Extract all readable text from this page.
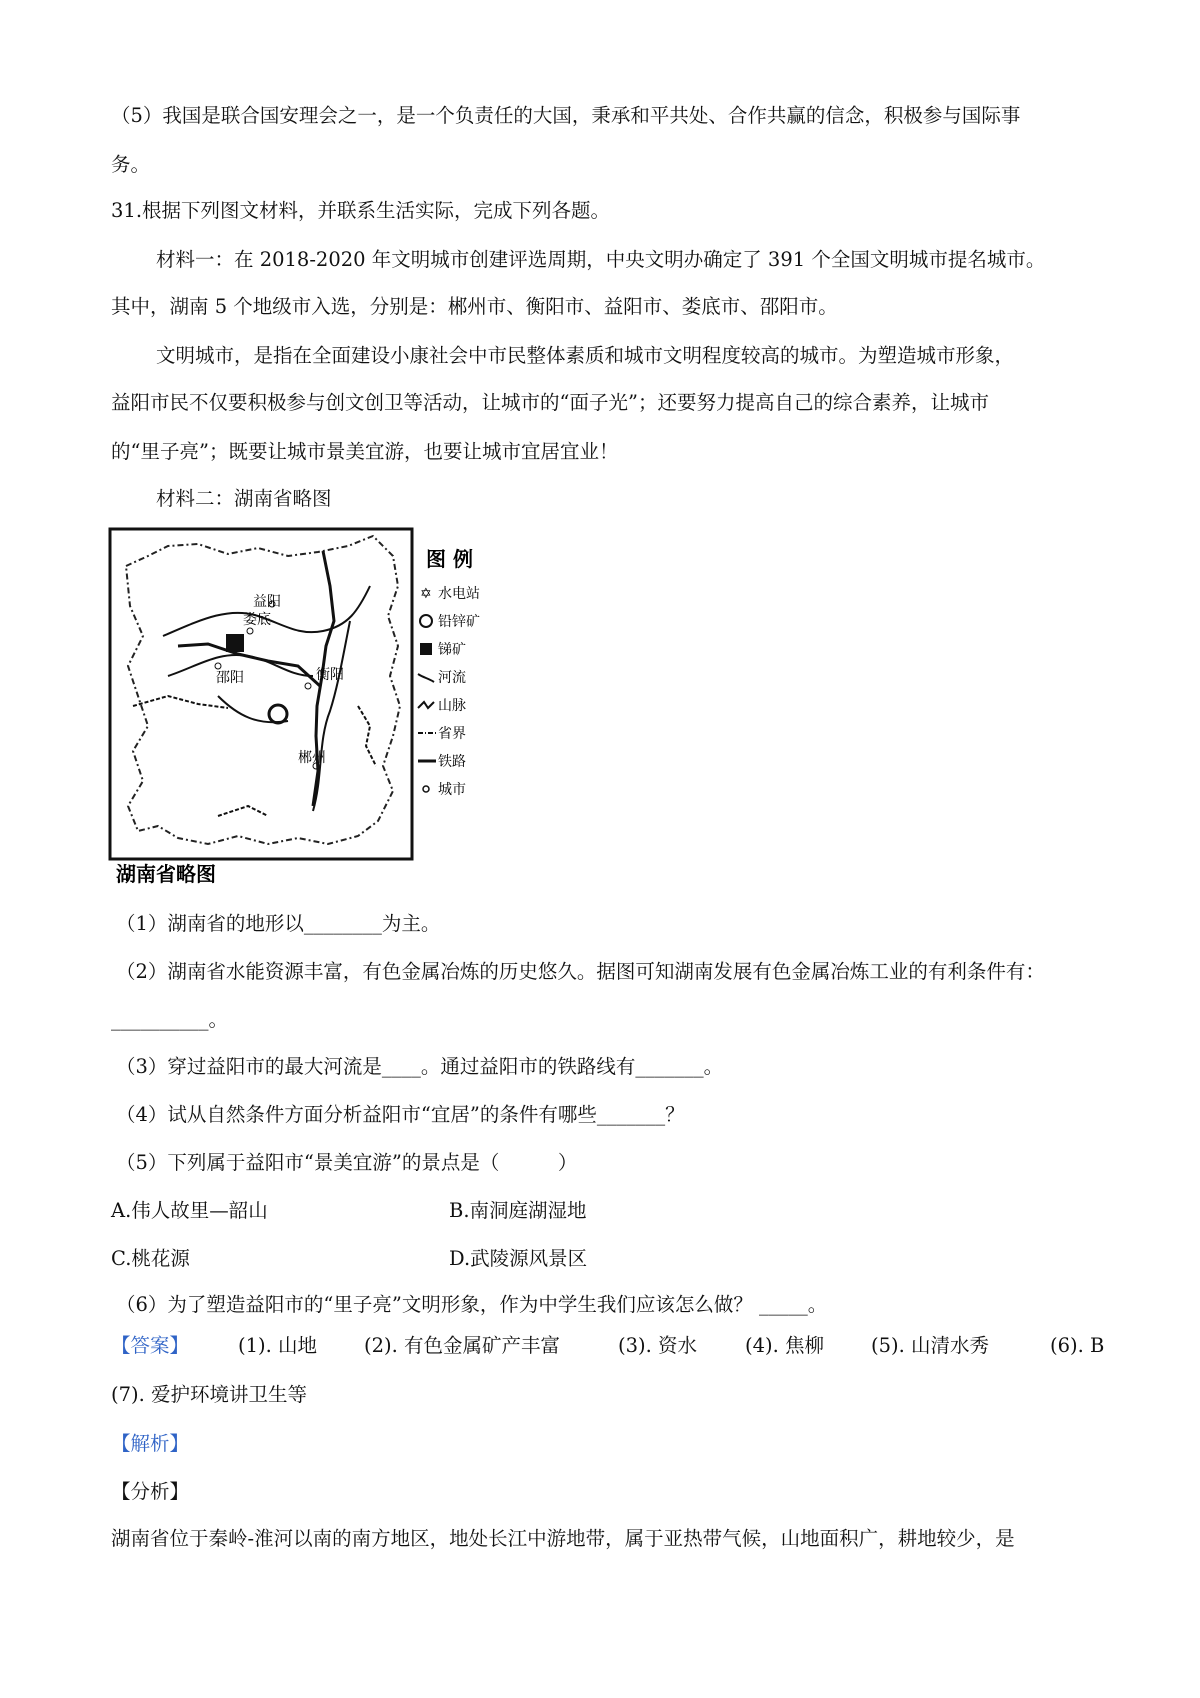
（5）我国是联合国安理会之一，是一个负责任的大国，秉承和平共处、合作共赢的信念，积极参与国际事
务。
31.根据下列图文材料，并联系生活实际，完成下列各题。
材料一：在 2018-2020 年文明城市创建评选周期，中央文明办确定了 391 个全国文明城市提名城市。
其中，湖南 5 个地级市入选，分别是：郴州市、衡阳市、益阳市、娄底市、邵阳市。
文明城市，是指在全面建设小康社会中市民整体素质和城市文明程度较高的城市。为塑造城市形象，
益阳市民不仅要积极参与创文创卫等活动，让城市的“面子光”；还要努力提高自己的综合素养，让城市
的“里子亮”；既要让城市景美宜游，也要让城市宜居宜业！
材料二：湖南省略图
益阳
娄底
邵阳	衡阳
郴州
湖南省略图
图 例
✡ 水电站
铅锌矿
锑矿
河流
山脉
省界
铁路
城市
（1）湖南省的地形以________为主。
（2）湖南省水能资源丰富，有色金属冶炼的历史悠久。据图可知湖南发展有色金属冶炼工业的有利条件有：
__________。
（3）穿过益阳市的最大河流是____。通过益阳市的铁路线有_______。
（4）试从自然条件方面分析益阳市“宜居”的条件有哪些_______？
（5）下列属于益阳市“景美宜游”的景点是（　　　）
A.伟人故里—韶山	B.南洞庭湖湿地
C.桃花源	D.武陵源风景区
（6）为了塑造益阳市的“里子亮”文明形象，作为中学生我们应该怎么做？ _____。
【答案】	(1). 山地 (2). 有色金属矿产丰富	(3). 资水 (4). 焦柳 (5). 山清水秀	(6). B
(7). 爱护环境讲卫生等
【解析】
【分析】
湖南省位于秦岭-淮河以南的南方地区，地处长江中游地带，属于亚热带气候，山地面积广，耕地较少，是
